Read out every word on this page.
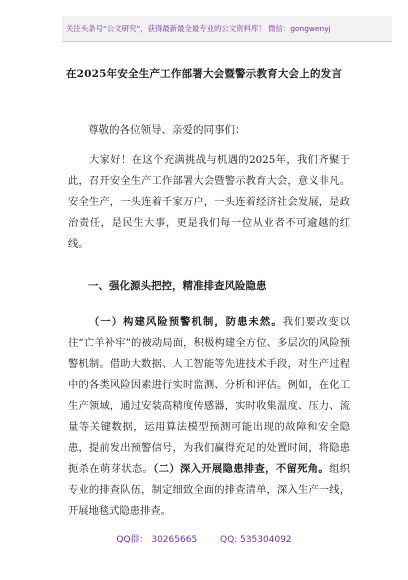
关注头条号“公文研究”，获得最新最全最专业的公文资料库！ 微信：gongwenyj
在2025年安全生产工作部署大会暨警示教育大会上的发言
尊敬的各位领导、亲爱的同事们：

大家好！在这个充满挑战与机遇的2025年，我们齐聚于此，召开安全生产工作部署大会暨警示教育大会，意义非凡。安全生产，一头连着千家万户，一头连着经济社会发展，是政治责任，是民生大事，更是我们每一位从业者不可逾越的红线。

一、强化源头把控，精准排查风险隐患

（一）构建风险预警机制，防患未然。我们要改变以往“亡羊补牢”的被动局面，积极构建全方位、多层次的风险预警机制。借助大数据、人工智能等先进技术手段，对生产过程中的各类风险因素进行实时监测、分析和评估。例如，在化工生产领域，通过安装高精度传感器，实时收集温度、压力、流量等关键数据，运用算法模型预测可能出现的故障和安全隐患，提前发出预警信号，为我们赢得充足的处置时间，将隐患扼杀在萌芽状态。（二）深入开展隐患排查，不留死角。组织专业的排查队伍，制定细致全面的排查清单，深入生产一线，开展地毯式隐患排查。

QQ群： 30265665	QQ: 535304092
